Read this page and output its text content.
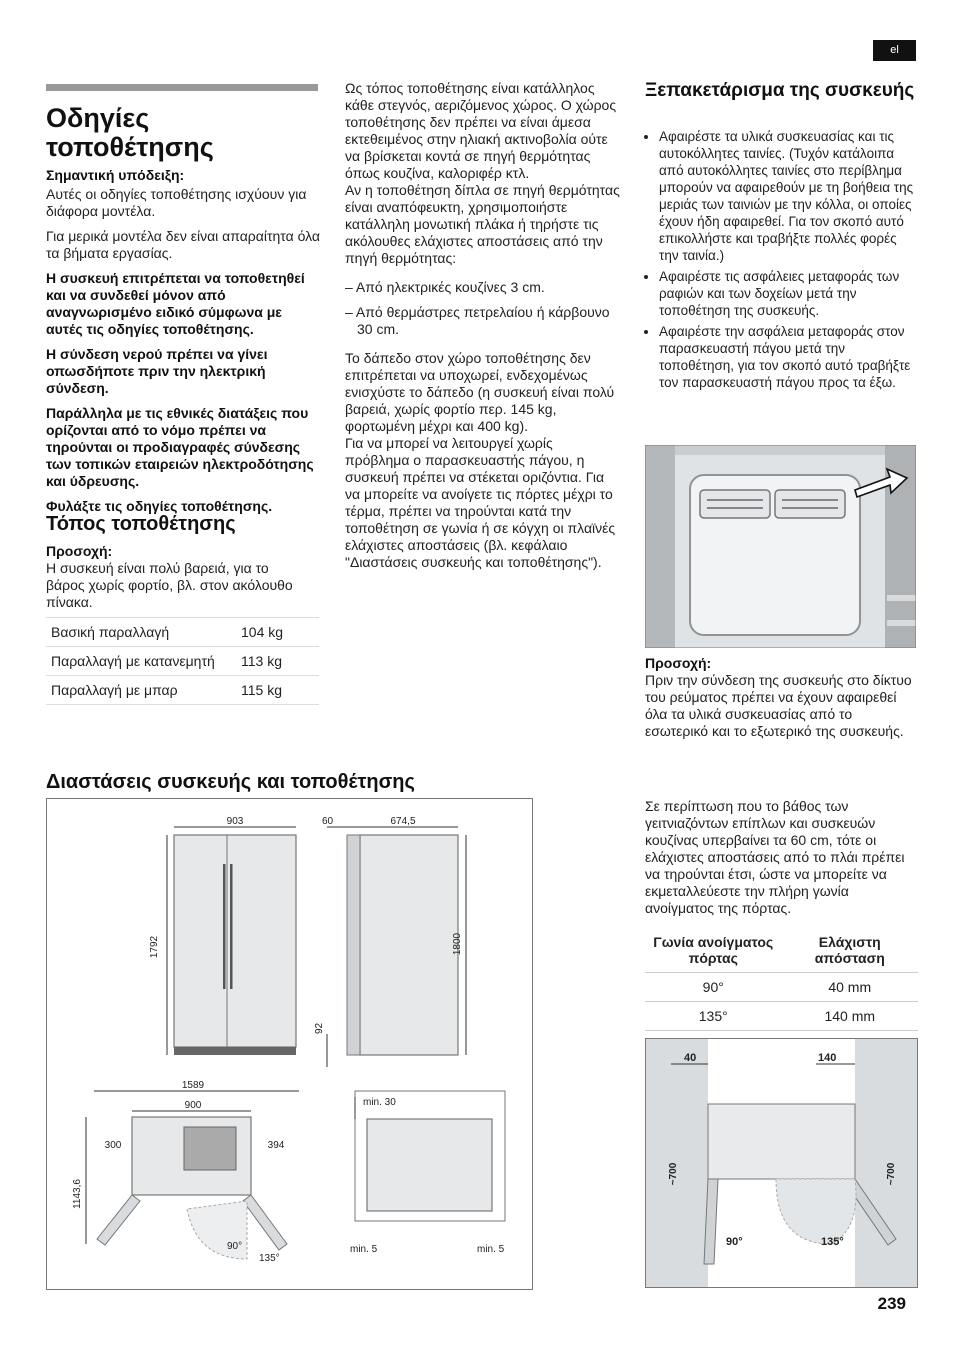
el
Οδηγίες τοποθέτησης

Σημαντική υπόδειξη:

Αυτές οι οδηγίες τοποθέτησης ισχύουν για διάφορα μοντέλα.

Για μερικά μοντέλα δεν είναι απαραίτητα όλα τα βήματα εργασίας.

Η συσκευή επιτρέπεται να τοποθετηθεί και να συνδεθεί μόνον από αναγνωρισμένο ειδικό σύμφωνα με αυτές τις οδηγίες τοποθέτησης.

Η σύνδεση νερού πρέπει να γίνει οπωσδήποτε πριν την ηλεκτρική σύνδεση.

Παράλληλα με τις εθνικές διατάξεις που ορίζονται από το νόμο πρέπει να τηρούνται οι προδιαγραφές σύνδεσης των τοπικών εταιρειών ηλεκτροδότησης και ύδρευσης.

Φυλάξτε τις οδηγίες τοποθέτησης.

Τόπος τοποθέτησης

Προσοχή:

Η συσκευή είναι πολύ βαρειά, για το βάρος χωρίς φορτίο, βλ. στον ακόλουθο πίνακα.

Βασική παραλλαγή	104 kg
Παραλλαγή με κατανεμητή	113 kg
Παραλλαγή με μπαρ	115 kg

Ως τόπος τοποθέτησης είναι κατάλληλος κάθε στεγνός, αεριζόμενος χώρος. Ο χώρος τοποθέτησης δεν πρέπει να είναι άμεσα εκτεθειμένος στην ηλιακή ακτινοβολία ούτε να βρίσκεται κοντά σε πηγή θερμότητας όπως κουζίνα, καλοριφέρ κτλ.

Αν η τοποθέτηση δίπλα σε πηγή θερμότητας είναι αναπόφευκτη, χρησιμοποιήστε κατάλληλη μονωτική πλάκα ή τηρήστε τις ακόλουθες ελάχιστες αποστάσεις από την πηγή θερμότητας:

– Από ηλεκτρικές κουζίνες 3 cm.

– Από θερμάστρες πετρελαίου ή κάρβουνο 30 cm.

Το δάπεδο στον χώρο τοποθέτησης δεν επιτρέπεται να υποχωρεί, ενδεχομένως ενισχύστε το δάπεδο (η συσκευή είναι πολύ βαρειά, χωρίς φορτίο περ. 145 kg, φορτωμένη μέχρι και 400 kg).

Για να μπορεί να λειτουργεί χωρίς πρόβλημα ο παρασκευαστής πάγου, η συσκευή πρέπει να στέκεται οριζόντια. Για να μπορείτε να ανοίγετε τις πόρτες μέχρι το τέρμα, πρέπει να τηρούνται κατά την τοποθέτηση σε γωνία ή σε κόγχη οι πλαϊνές ελάχιστες αποστάσεις (βλ. κεφάλαιο "Διαστάσεις συσκευής και τοποθέτησης").

Ξεπακετάρισμα της συσκευής
• Αφαιρέστε τα υλικά συσκευασίας και τις αυτοκόλλητες ταινίες. (Τυχόν κατάλοιπα από αυτοκόλλητες ταινίες στο περίβλημα μπορούν να αφαιρεθούν με τη βοήθεια της μεριάς των ταινιών με την κόλλα, οι οποίες έχουν ήδη αφαιρεθεί. Για τον σκοπό αυτό επικολλήστε και τραβήξτε πολλές φορές την ταινία.)
• Αφαιρέστε τις ασφάλειες μεταφοράς των ραφιών και των δοχείων μετά την τοποθέτηση της συσκευής.
• Αφαιρέστε την ασφάλεια μεταφοράς στον παρασκευαστή πάγου μετά την τοποθέτηση, για τον σκοπό αυτό τραβήξτε τον παρασκευαστή πάγου προς τα έξω.

Προσοχή:

Πριν την σύνδεση της συσκευής στο δίκτυο του ρεύματος πρέπει να έχουν αφαιρεθεί όλα τα υλικά συσκευασίας από το εσωτερικό και το εξωτερικό της συσκευής.

Σε περίπτωση που το βάθος των γειτνιαζόντων επίπλων και συσκευών κουζίνας υπερβαίνει τα 60 cm, τότε οι ελάχιστες αποστάσεις από το πλάι πρέπει να τηρούνται έτσι, ώστε να μπορείτε να εκμεταλλεύεστε την πλήρη γωνία ανοίγματος της πόρτας.
Γωνία ανοίγματος πόρτας	Ελάχιστη απόσταση
90°	40 mm
135°	140 mm
Διαστάσεις συσκευής και τοποθέτησης
903
1792
60	674,5
1800
92
1589
900
300	394
1143,6
90°
135°
min. 30
min. 5	min. 5
40	140
~700	~700
90°	135°
239
